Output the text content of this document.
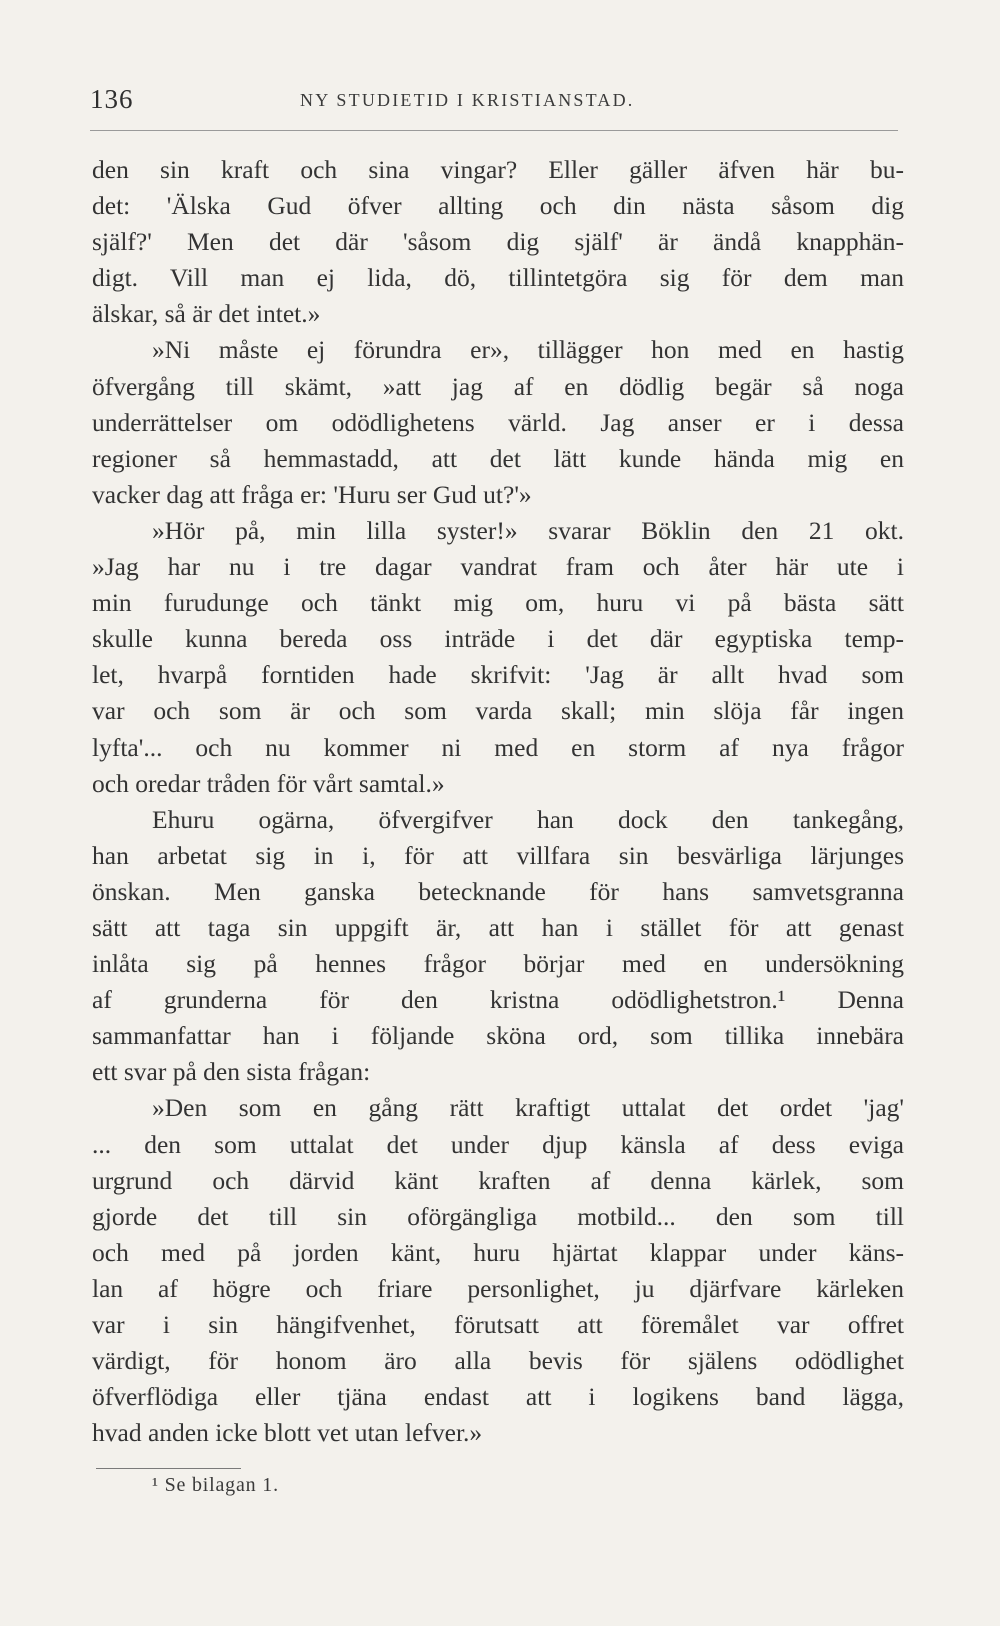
136	NY STUDIETID I KRISTIANSTAD.
den sin kraft och sina vingar? Eller gäller äfven här bu-
det: 'Älska Gud öfver allting och din nästa såsom dig
själf?' Men det där 'såsom dig själf' är ändå knapphän-
digt. Vill man ej lida, dö, tillintetgöra sig för dem man
älskar, så är det intet.»
»Ni måste ej förundra er», tillägger hon med en hastig
öfvergång till skämt, »att jag af en dödlig begär så noga
underrättelser om odödlighetens värld. Jag anser er i dessa
regioner så hemmastadd, att det lätt kunde hända mig en
vacker dag att fråga er: 'Huru ser Gud ut?'»
»Hör på, min lilla syster!» svarar Böklin den 21 okt.
»Jag har nu i tre dagar vandrat fram och åter här ute i
min furudunge och tänkt mig om, huru vi på bästa sätt
skulle kunna bereda oss inträde i det där egyptiska temp-
let, hvarpå forntiden hade skrifvit: 'Jag är allt hvad som
var och som är och som varda skall; min slöja får ingen
lyfta'... och nu kommer ni med en storm af nya frågor
och oredar tråden för vårt samtal.»
Ehuru ogärna, öfvergifver han dock den tankegång,
han arbetat sig in i, för att villfara sin besvärliga lärjunges
önskan. Men ganska betecknande för hans samvetsgranna
sätt att taga sin uppgift är, att han i stället för att genast
inlåta sig på hennes frågor börjar med en undersökning
af grunderna för den kristna odödlighetstron.¹ Denna
sammanfattar han i följande sköna ord, som tillika innebära
ett svar på den sista frågan:
»Den som en gång rätt kraftigt uttalat det ordet 'jag'
... den som uttalat det under djup känsla af dess eviga
urgrund och därvid känt kraften af denna kärlek, som
gjorde det till sin oförgängliga motbild... den som till
och med på jorden känt, huru hjärtat klappar under käns-
lan af högre och friare personlighet, ju djärfvare kärleken
var i sin hängifvenhet, förutsatt att föremålet var offret
värdigt, för honom äro alla bevis för själens odödlighet
öfverflödiga eller tjäna endast att i logikens band lägga,
hvad anden icke blott vet utan lefver.»
¹ Se bilagan 1.
